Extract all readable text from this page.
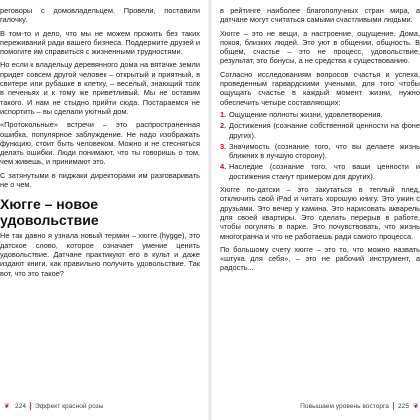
реговоры с домовладельцем. Провели, поставили галочку.

В том-то и дело, что мы не можем прожить без таких переживаний ради вашего бизнеса. Поддержите друзей и помогите им справиться с жизненными трудностями.

Но если к владельцу деревянного дома на вятачке земли придет совсем другой человек – открытый и приятный, в свитере или рубашке в клетку, – веселый, знающий толк в печеньях и к тому же приветливый. Мы не оставим такого. И нам не стыдно прийти сюда. Постараемся не испортить – вы сделали уютный дом.

«Протокольные» встречи – это распространенная ошибка, популярное заблуждение. Не надо изображать функцию, стоит быть человеком. Можно и не стесняться делать ошибки. Люди понимают, что ты говоришь о том, чем живешь, и принимают это.

С затянутыми в пиджаки директорами им разговаривать не о чем.

Хюгге – новое удовольствие

Не так давно я узнала новый термин – хюгге (hygge), это датское слово, которое означает умение ценить удовольствие. Датчане практикуют его в культ и даже издают книги, как правильно получить удовольствие. Так вот, что это такое?

❦ 224 Эффект красной розы

в рейтинге наиболее благополучных стран мира, а датчане могут считаться самыми счастливыми людьми.

Хюгге – это не вещи, а настроение, ощущение. Дома, покоя, близких людей. Это уют в общении, общность. В общем, счастье – это не процесс, удовольствие, результат, это бонусы, а не средства к существованию.

Согласно исследованиям вопросов счастья и успеха, проведенным гарвардскими учеными, для того чтобы ощущать счастье в каждый момент жизни, нужно обеспечить четыре составляющих:

1. Ощущение полноты жизни, удовлетворения.
2. Достижения (сознание собственной ценности на фоне других).
3. Значимость (сознание того, что вы делаете жизнь ближних в лучшую сторону).
4. Наследие (сознание того, что ваши ценности и достижения станут примером для других).

Хюгге по-датски – это закутаться в теплый плед, отключить свой iPad и читать хорошую книгу. Это ужин с друзьями. Это вечер у камина. Это нарисовать акварель для своей квартиры. Это сделать перерыв в работе, чтобы погулять в парке. Это почувствовать, что жизнь многогранна и что не работаешь ради самого процесса.

По большому счету хюгге – это то, что можно назвать «штука для себя», – это не рабочий инструмент, а радость...

Повышаем уровень восторга 225 ❦
